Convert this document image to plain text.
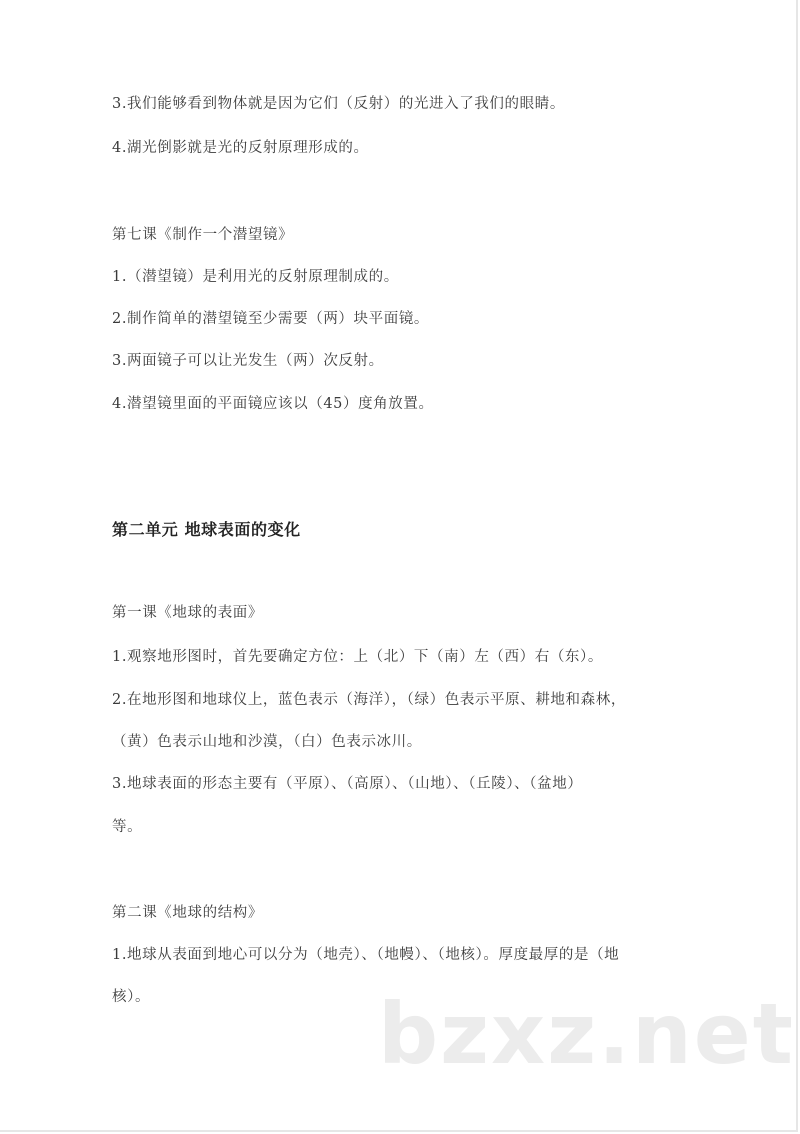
3.我们能够看到物体就是因为它们（反射）的光进入了我们的眼睛。
4.湖光倒影就是光的反射原理形成的。
第七课《制作一个潜望镜》
1.（潜望镜）是利用光的反射原理制成的。
2.制作简单的潜望镜至少需要（两）块平面镜。
3.两面镜子可以让光发生（两）次反射。
4.潜望镜里面的平面镜应该以（45）度角放置。
第二单元 地球表面的变化
第一课《地球的表面》
1.观察地形图时，首先要确定方位：上（北）下（南）左（西）右（东）。
2.在地形图和地球仪上，蓝色表示（海洋），（绿）色表示平原、耕地和森林，
（黄）色表示山地和沙漠，（白）色表示冰川。
3.地球表面的形态主要有（平原）、（高原）、（山地）、（丘陵）、（盆地）
等。
第二课《地球的结构》
1.地球从表面到地心可以分为（地壳）、（地幔）、（地核）。厚度最厚的是（地
核）。	bzxz.net
